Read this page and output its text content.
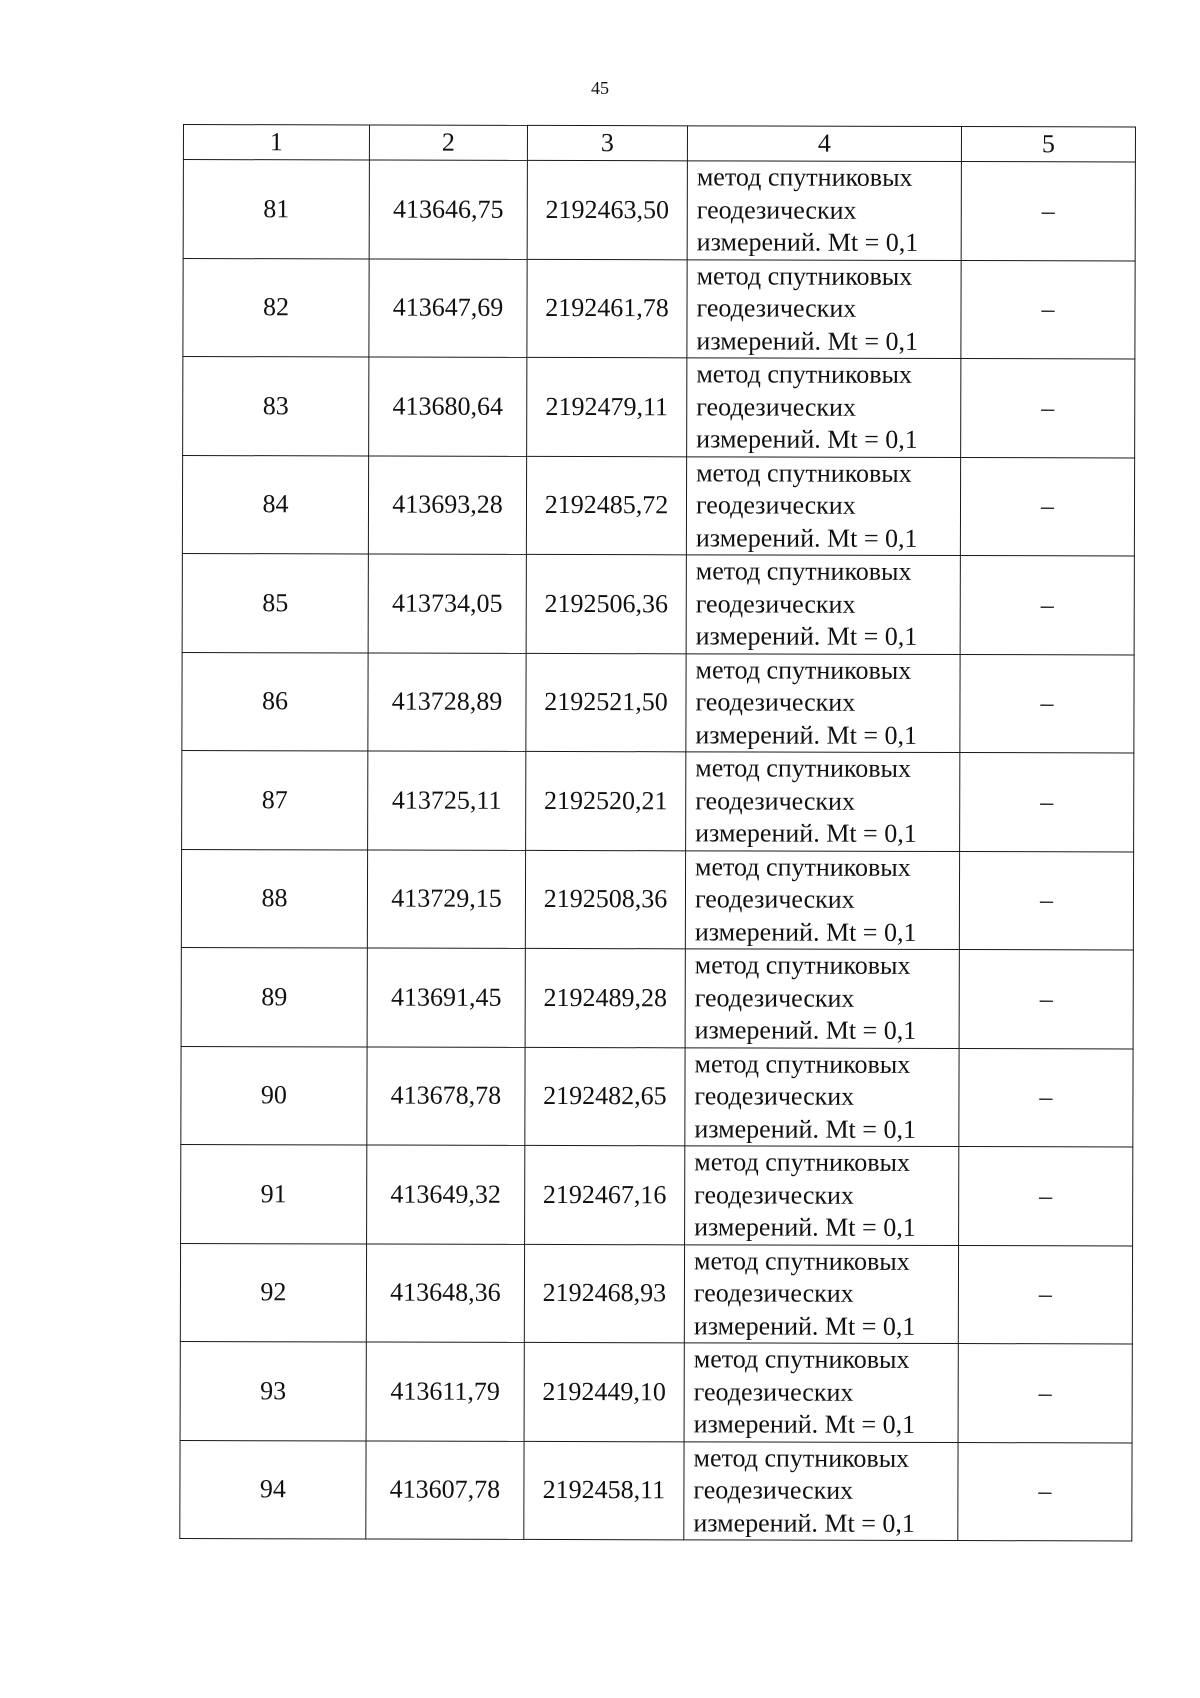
45
1	2	3	4	5
81	413646,75	2192463,50	метод спутниковых
геодезических
измерений. Mt = 0,1	–
82	413647,69	2192461,78	метод спутниковых
геодезических
измерений. Mt = 0,1	–
83	413680,64	2192479,11	метод спутниковых
геодезических
измерений. Mt = 0,1	–
84	413693,28	2192485,72	метод спутниковых
геодезических
измерений. Mt = 0,1	–
85	413734,05	2192506,36	метод спутниковых
геодезических
измерений. Mt = 0,1	–
86	413728,89	2192521,50	метод спутниковых
геодезических
измерений. Mt = 0,1	–
87	413725,11	2192520,21	метод спутниковых
геодезических
измерений. Mt = 0,1	–
88	413729,15	2192508,36	метод спутниковых
геодезических
измерений. Mt = 0,1	–
89	413691,45	2192489,28	метод спутниковых
геодезических
измерений. Mt = 0,1	–
90	413678,78	2192482,65	метод спутниковых
геодезических
измерений. Mt = 0,1	–
91	413649,32	2192467,16	метод спутниковых
геодезических
измерений. Mt = 0,1	–
92	413648,36	2192468,93	метод спутниковых
геодезических
измерений. Mt = 0,1	–
93	413611,79	2192449,10	метод спутниковых
геодезических
измерений. Mt = 0,1	–
94	413607,78	2192458,11	метод спутниковых
геодезических
измерений. Mt = 0,1	–
